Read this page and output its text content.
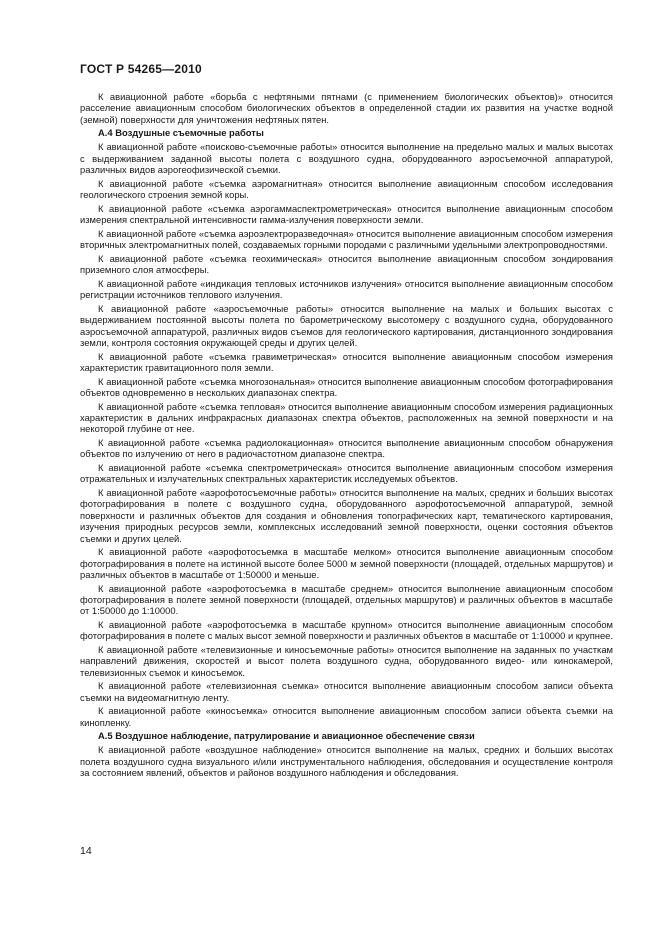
ГОСТ Р 54265—2010

К авиационной работе «борьба с нефтяными пятнами (с применением биологических объектов)» относится расселение авиационным способом биологических объектов в определенной стадии их развития на участке водной (земной) поверхности для уничтожения нефтяных пятен.

А.4 Воздушные съемочные работы

К авиационной работе «поисково-съемочные работы» относится выполнение на предельно малых и малых высотах с выдерживанием заданной высоты полета с воздушного судна, оборудованного аэросъемочной аппаратурой, различных видов аэрогеофизической съемки.

К авиационной работе «съемка аэромагнитная» относится выполнение авиационным способом исследования геологического строения земной коры.

К авиационной работе «съемка аэрогаммаспектрометрическая» относится выполнение авиационным способом измерения спектральной интенсивности гамма-излучения поверхности земли.

К авиационной работе «съемка аэроэлектроразведочная» относится выполнение авиационным способом измерения вторичных электромагнитных полей, создаваемых горными породами с различными удельными электропроводностями.

К авиационной работе «съемка геохимическая» относится выполнение авиационным способом зондирования приземного слоя атмосферы.

К авиационной работе «индикация тепловых источников излучения» относится выполнение авиационным способом регистрации источников теплового излучения.

К авиационной работе «аэросъемочные работы» относится выполнение на малых и больших высотах с выдерживанием постоянной высоты полета по барометрическому высотомеру с воздушного судна, оборудованного аэросъемочной аппаратурой, различных видов съемов для геологического картирования, дистанционного зондирования земли, контроля состояния окружающей среды и других целей.

К авиационной работе «съемка гравиметрическая» относится выполнение авиационным способом измерения характеристик гравитационного поля земли.

К авиационной работе «съемка многозональная» относится выполнение авиационным способом фотографирования объектов одновременно в нескольких диапазонах спектра.

К авиационной работе «съемка тепловая» относится выполнение авиационным способом измерения радиационных характеристик в дальних инфракрасных диапазонах спектра объектов, расположенных на земной поверхности и на некоторой глубине от нее.

К авиационной работе «съемка радиолокационная» относится выполнение авиационным способом обнаружения объектов по излучению от него в радиочастотном диапазоне спектра.

К авиационной работе «съемка спектрометрическая» относится выполнение авиационным способом измерения отражательных и излучательных спектральных характеристик исследуемых объектов.

К авиационной работе «аэрофотосъемочные работы» относится выполнение на малых, средних и больших высотах фотографирования в полете с воздушного судна, оборудованного аэрофотосъемочной аппаратурой, земной поверхности и различных объектов для создания и обновления топографических карт, тематического картирования, изучения природных ресурсов земли, комплексных исследований земной поверхности, оценки состояния объектов съемки и других целей.

К авиационной работе «аэрофотосъемка в масштабе мелком» относится выполнение авиационным способом фотографирования в полете на истинной высоте более 5000 м земной поверхности (площадей, отдельных маршрутов) и различных объектов в масштабе от 1:50000 и меньше.

К авиационной работе «аэрофотосъемка в масштабе среднем» относится выполнение авиационным способом фотографирования в полете земной поверхности (площадей, отдельных маршрутов) и различных объектов в масштабе от 1:50000 до 1:10000.

К авиационной работе «аэрофотосъемка в масштабе крупном» относится выполнение авиационным способом фотографирования в полете с малых высот земной поверхности и различных объектов в масштабе от 1:10000 и крупнее.

К авиационной работе «телевизионные и киносъемочные работы» относится выполнение на заданных по участкам направлений движения, скоростей и высот полета воздушного судна, оборудованного видео- или кинокамерой, телевизионных съемок и киносъемок.

К авиационной работе «телевизионная съемка» относится выполнение авиационным способом записи объекта съемки на видеомагнитную ленту.

К авиационной работе «киносъемка» относится выполнение авиационным способом записи объекта съемки на кинопленку.

А.5 Воздушное наблюдение, патрулирование и авиационное обеспечение связи

К авиационной работе «воздушное наблюдение» относится выполнение на малых, средних и больших высотах полета воздушного судна визуального и/или инструментального наблюдения, обследования и осуществление контроля за состоянием явлений, объектов и районов воздушного наблюдения и обследования.

14
